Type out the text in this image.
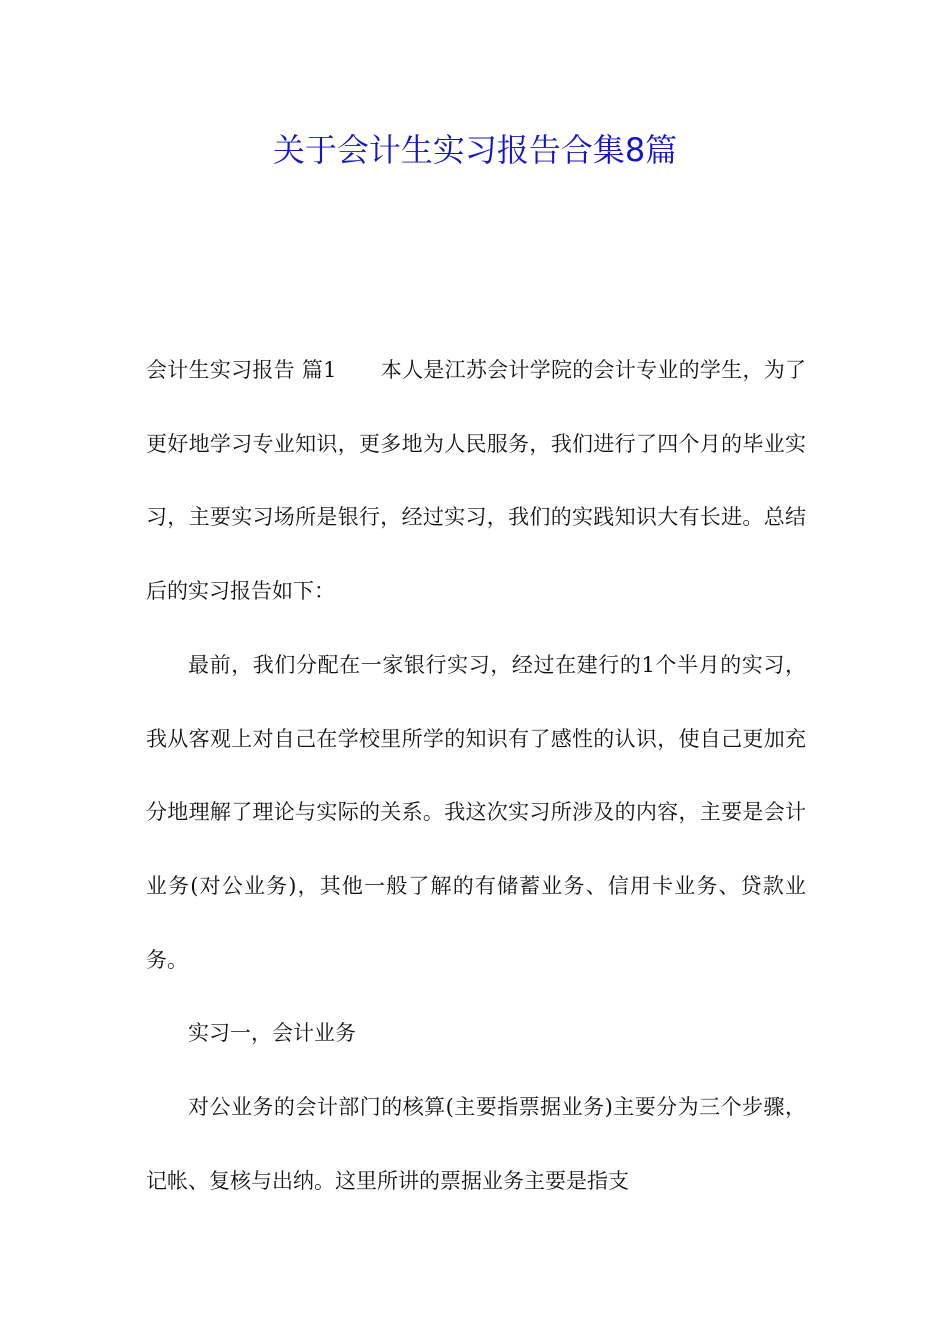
关于会计生实习报告合集8篇

会计生实习报告 篇1 本人是江苏会计学院的会计专业的学生，为了更好地学习专业知识，更多地为人民服务，我们进行了四个月的毕业实习，主要实习场所是银行，经过实习，我们的实践知识大有长进。总结后的实习报告如下：

最前，我们分配在一家银行实习，经过在建行的1个半月的实习，我从客观上对自己在学校里所学的知识有了感性的认识，使自己更加充分地理解了理论与实际的关系。我这次实习所涉及的内容，主要是会计业务(对公业务)，其他一般了解的有储蓄业务、信用卡业务、贷款业务。

实习一，会计业务

对公业务的会计部门的核算(主要指票据业务)主要分为三个步骤，记帐、复核与出纳。这里所讲的票据业务主要是指支
